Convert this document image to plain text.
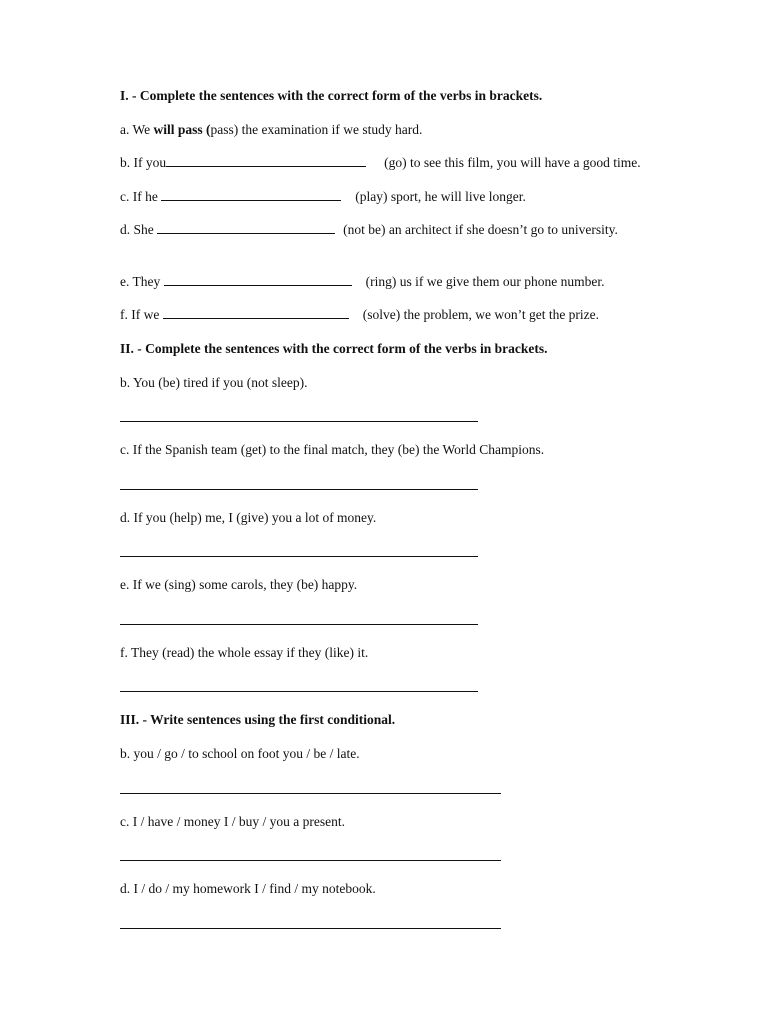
I. - Complete the sentences with the correct form of the verbs in brackets.
a. We will pass (pass) the examination if we study hard.
b. If you	(go) to see this film, you will have a good time.
c. If he	(play) sport, he will live longer.
d. She	(not be) an architect if she doesn’t go to university.
e. They	(ring) us if we give them our phone number.
f. If we	(solve) the problem, we won’t get the prize.
II. - Complete the sentences with the correct form of the verbs in brackets.
b. You (be) tired if you (not sleep).
c. If the Spanish team (get) to the final match, they (be) the World Champions.
d. If you (help) me, I (give) you a lot of money.
e. If we (sing) some carols, they (be) happy.
f. They (read) the whole essay if they (like) it.
III. - Write sentences using the first conditional.
b. you / go / to school on foot you / be / late.
c. I / have / money I / buy / you a present.
d. I / do / my homework I / find / my notebook.
